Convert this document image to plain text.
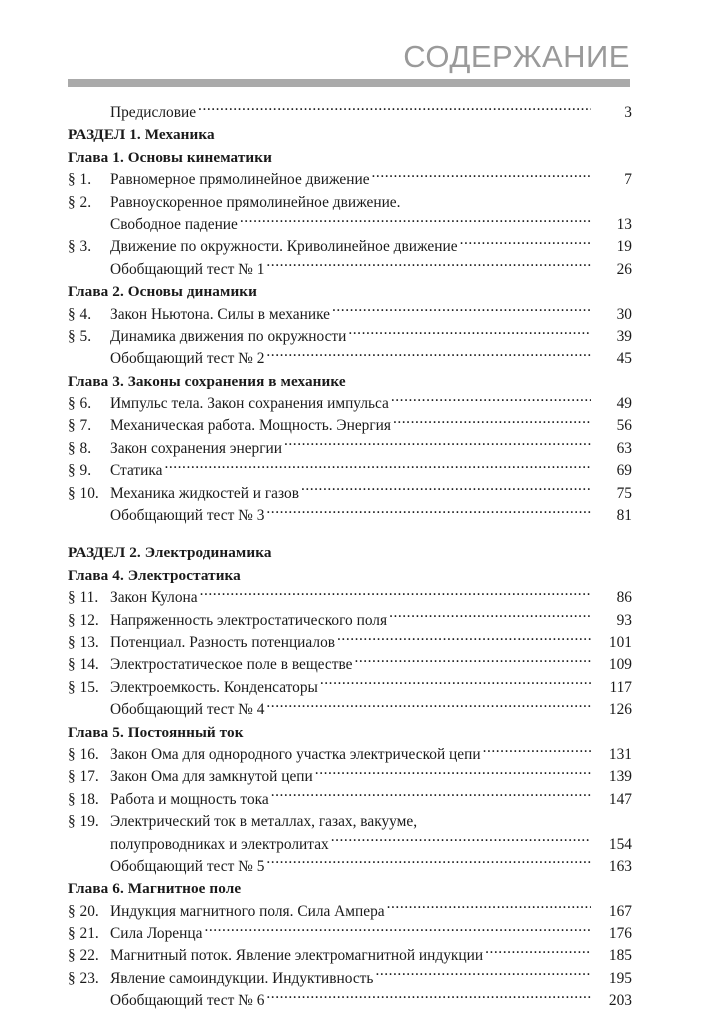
СОДЕРЖАНИЕ
Предисловие .....	3
РАЗДЕЛ 1. Механика
Глава 1. Основы кинематики
§ 1.	Равномерное прямолинейное движение .....	7
§ 2.	Равноускоренное прямолинейное движение.
Свободное падение .....	13
§ 3.	Движение по окружности. Криволинейное движение .....	19
Обобщающий тест № 1 .....	26
Глава 2. Основы динамики
§ 4.	Закон Ньютона. Силы в механике .....	30
§ 5.	Динамика движения по окружности .....	39
Обобщающий тест № 2 .....	45
Глава 3. Законы сохранения в механике
§ 6.	Импульс тела. Закон сохранения импульса .....	49
§ 7.	Механическая работа. Мощность. Энергия .....	56
§ 8.	Закон сохранения энергии .....	63
§ 9.	Статика .....	69
§ 10. Механика жидкостей и газов .....	75
Обобщающий тест № 3 .....	81
РАЗДЕЛ 2. Электродинамика
Глава 4. Электростатика
§ 11. Закон Кулона .....	86
§ 12. Напряженность электростатического поля .....	93
§ 13. Потенциал. Разность потенциалов .....	101
§ 14. Электростатическое поле в веществе .....	109
§ 15. Электроемкость. Конденсаторы .....	117
Обобщающий тест № 4 .....	126
Глава 5. Постоянный ток
§ 16. Закон Ома для однородного участка электрической цепи .....	131
§ 17. Закон Ома для замкнутой цепи .....	139
§ 18. Работа и мощность тока .....	147
§ 19. Электрический ток в металлах, газах, вакууме,
полупроводниках и электролитах .....	154
Обобщающий тест № 5 .....	163
Глава 6. Магнитное поле
§ 20. Индукция магнитного поля. Сила Ампера .....	167
§ 21. Сила Лоренца .....	176
§ 22. Магнитный поток. Явление электромагнитной индукции .....	185
§ 23. Явление самоиндукции. Индуктивность .....	195
Обобщающий тест № 6 .....	203
